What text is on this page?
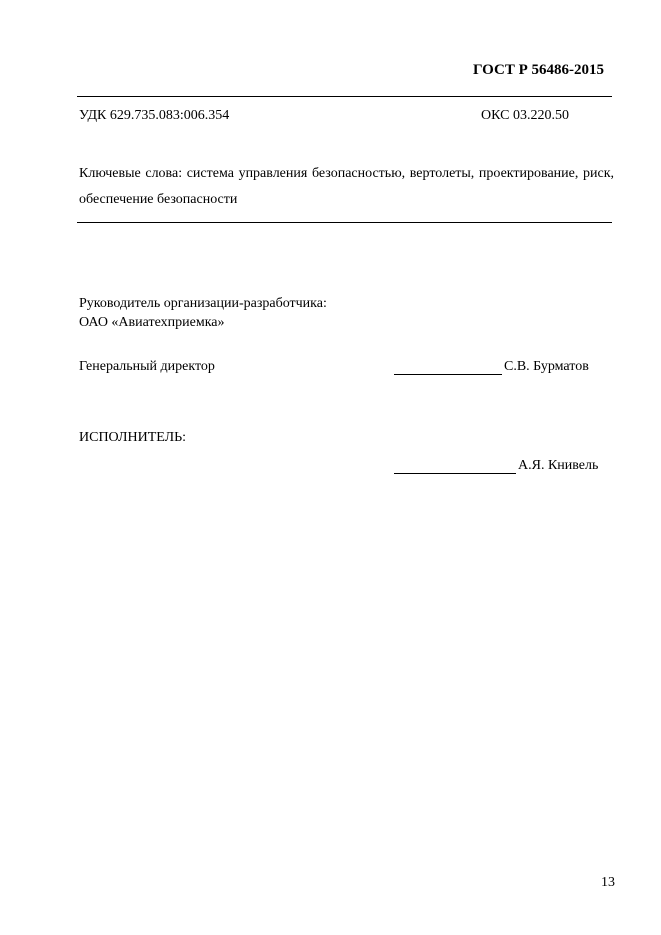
ГОСТ Р 56486-2015
УДК 629.735.083:006.354	ОКС 03.220.50
Ключевые слова: система управления безопасностью, вертолеты, проектирование, риск, обеспечение безопасности
Руководитель организации-разработчика:
ОАО «Авиатехприемка»
Генеральный директор	С.В. Бурматов
ИСПОЛНИТЕЛЬ:
А.Я. Книвель
13
